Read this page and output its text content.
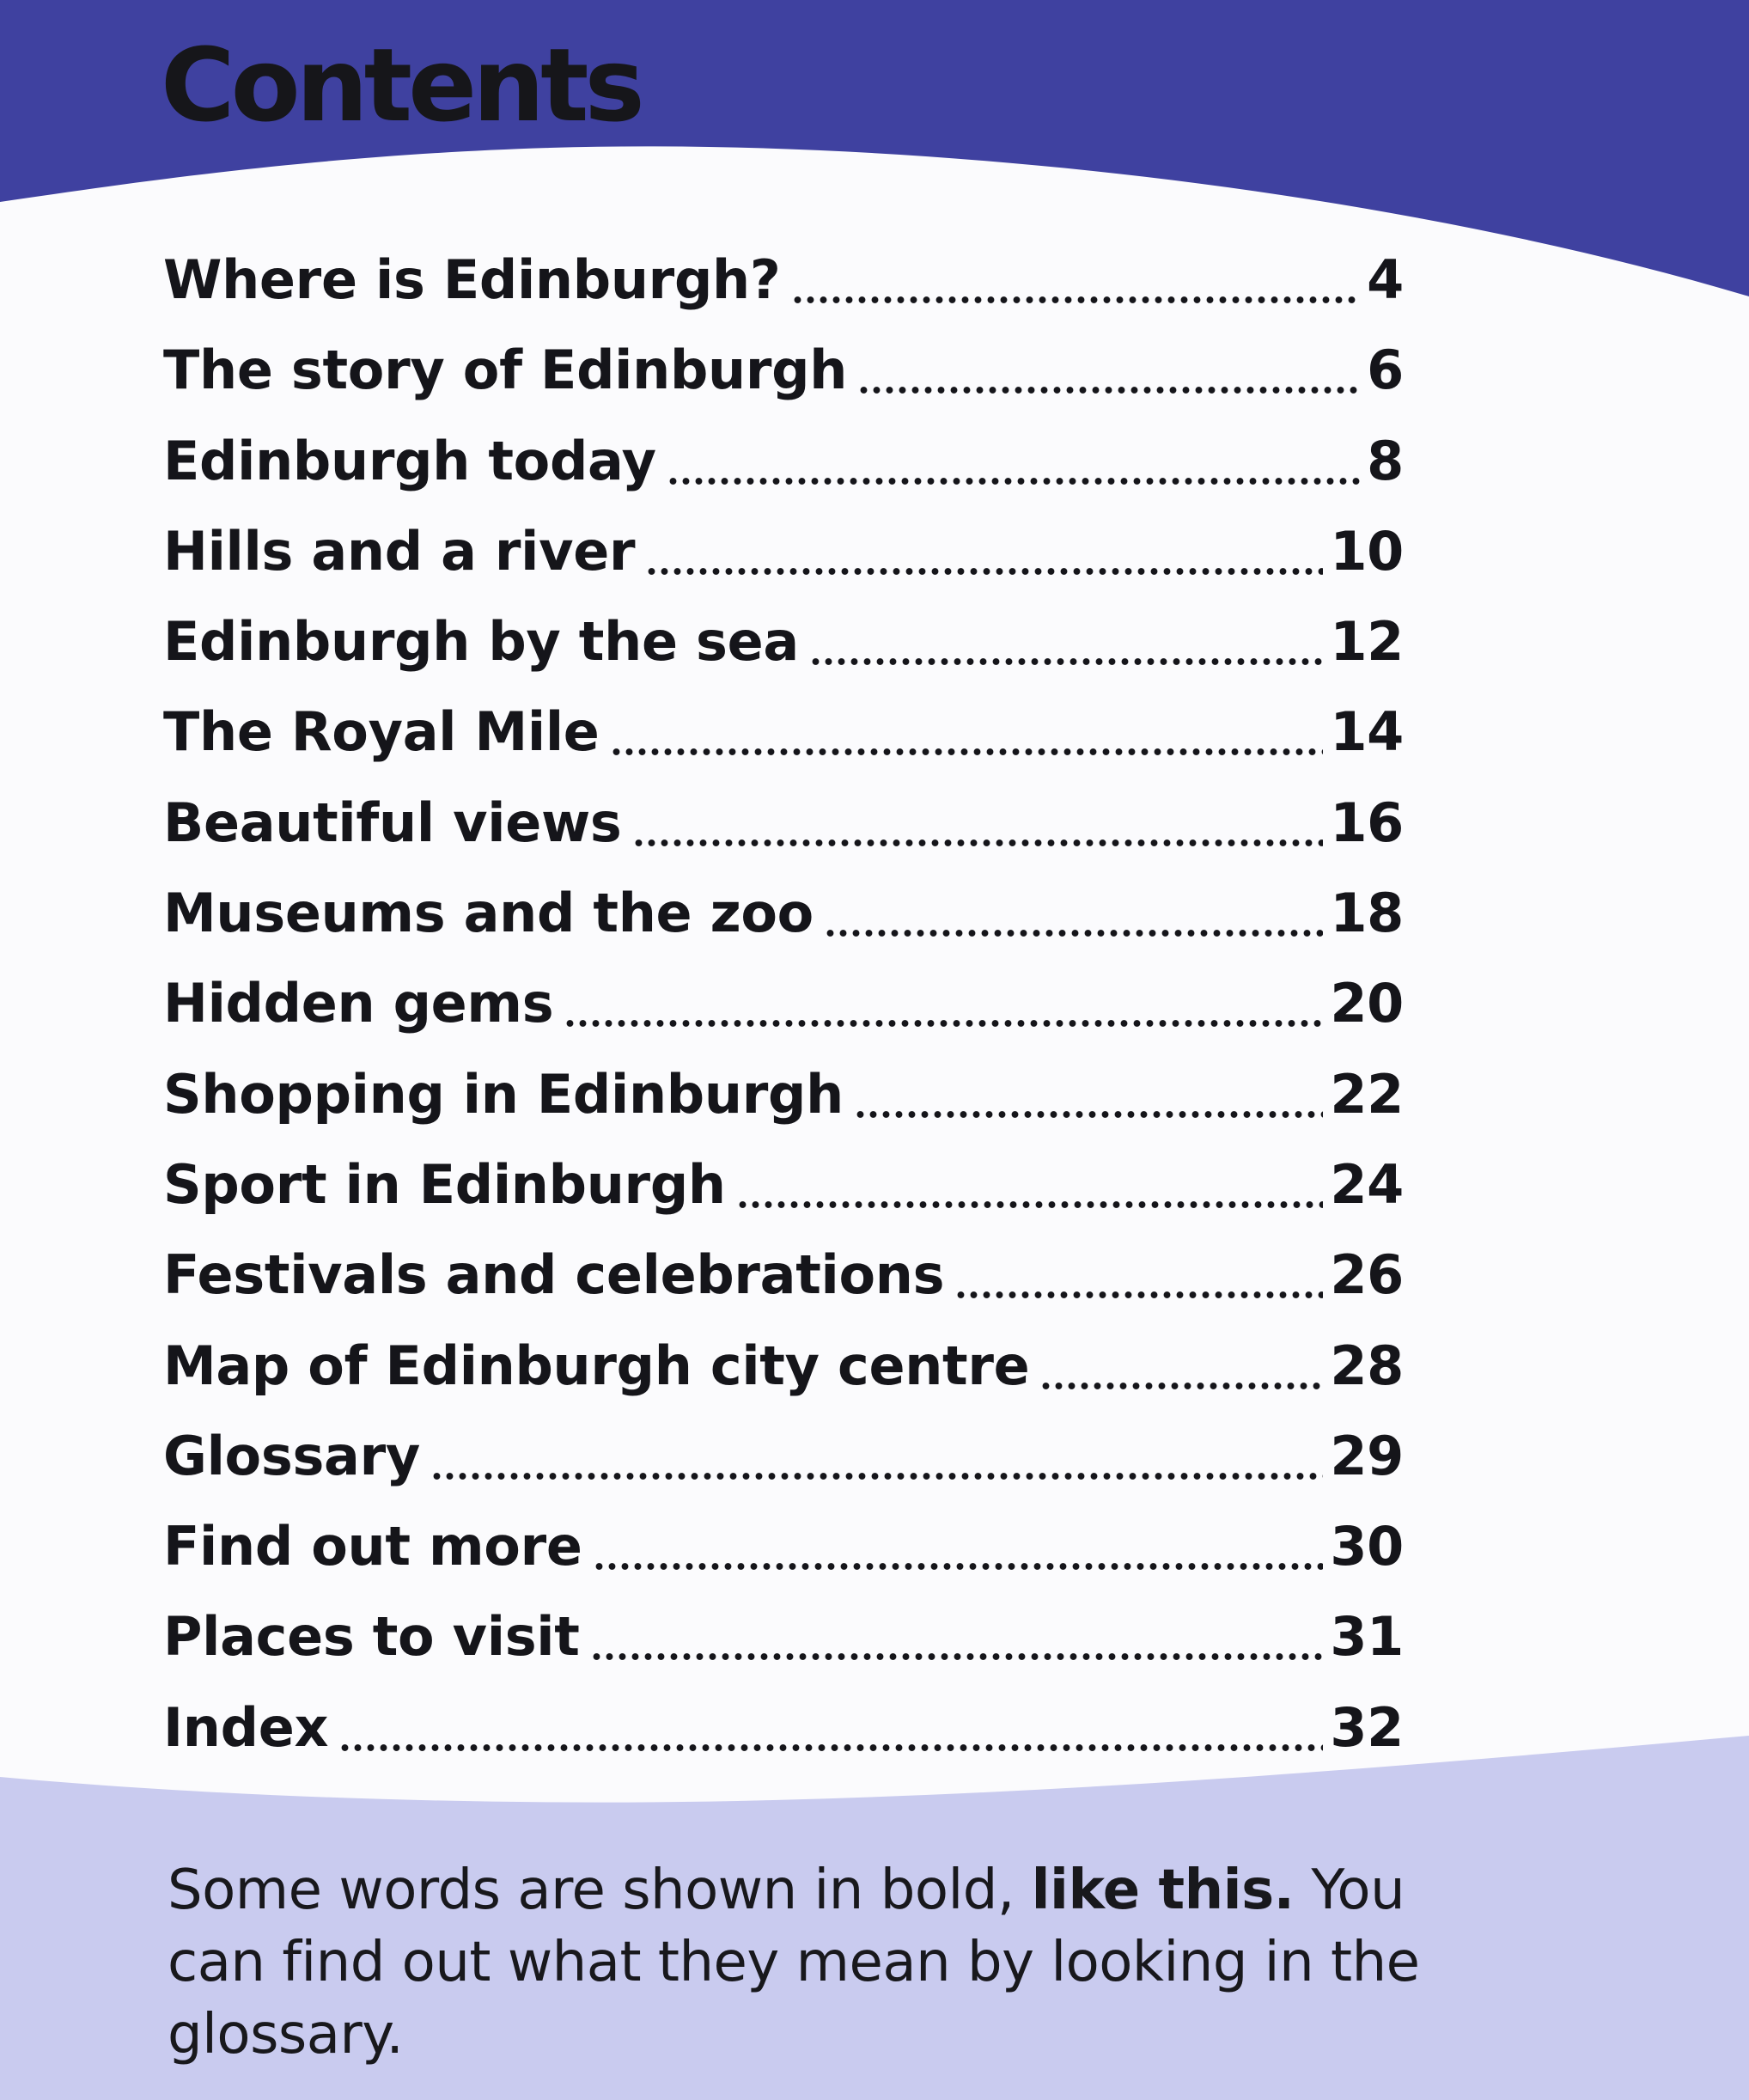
Contents
Where is Edinburgh?	4
The story of Edinburgh	6
Edinburgh today	8
Hills and a river	10
Edinburgh by the sea	12
The Royal Mile	14
Beautiful views	16
Museums and the zoo	18
Hidden gems	20
Shopping in Edinburgh	22
Sport in Edinburgh	24
Festivals and celebrations	26
Map of Edinburgh city centre	28
Glossary	29
Find out more	30
Places to visit	31
Index	32

Some words are shown in bold, like this. You can find out what they mean by looking in the glossary.
